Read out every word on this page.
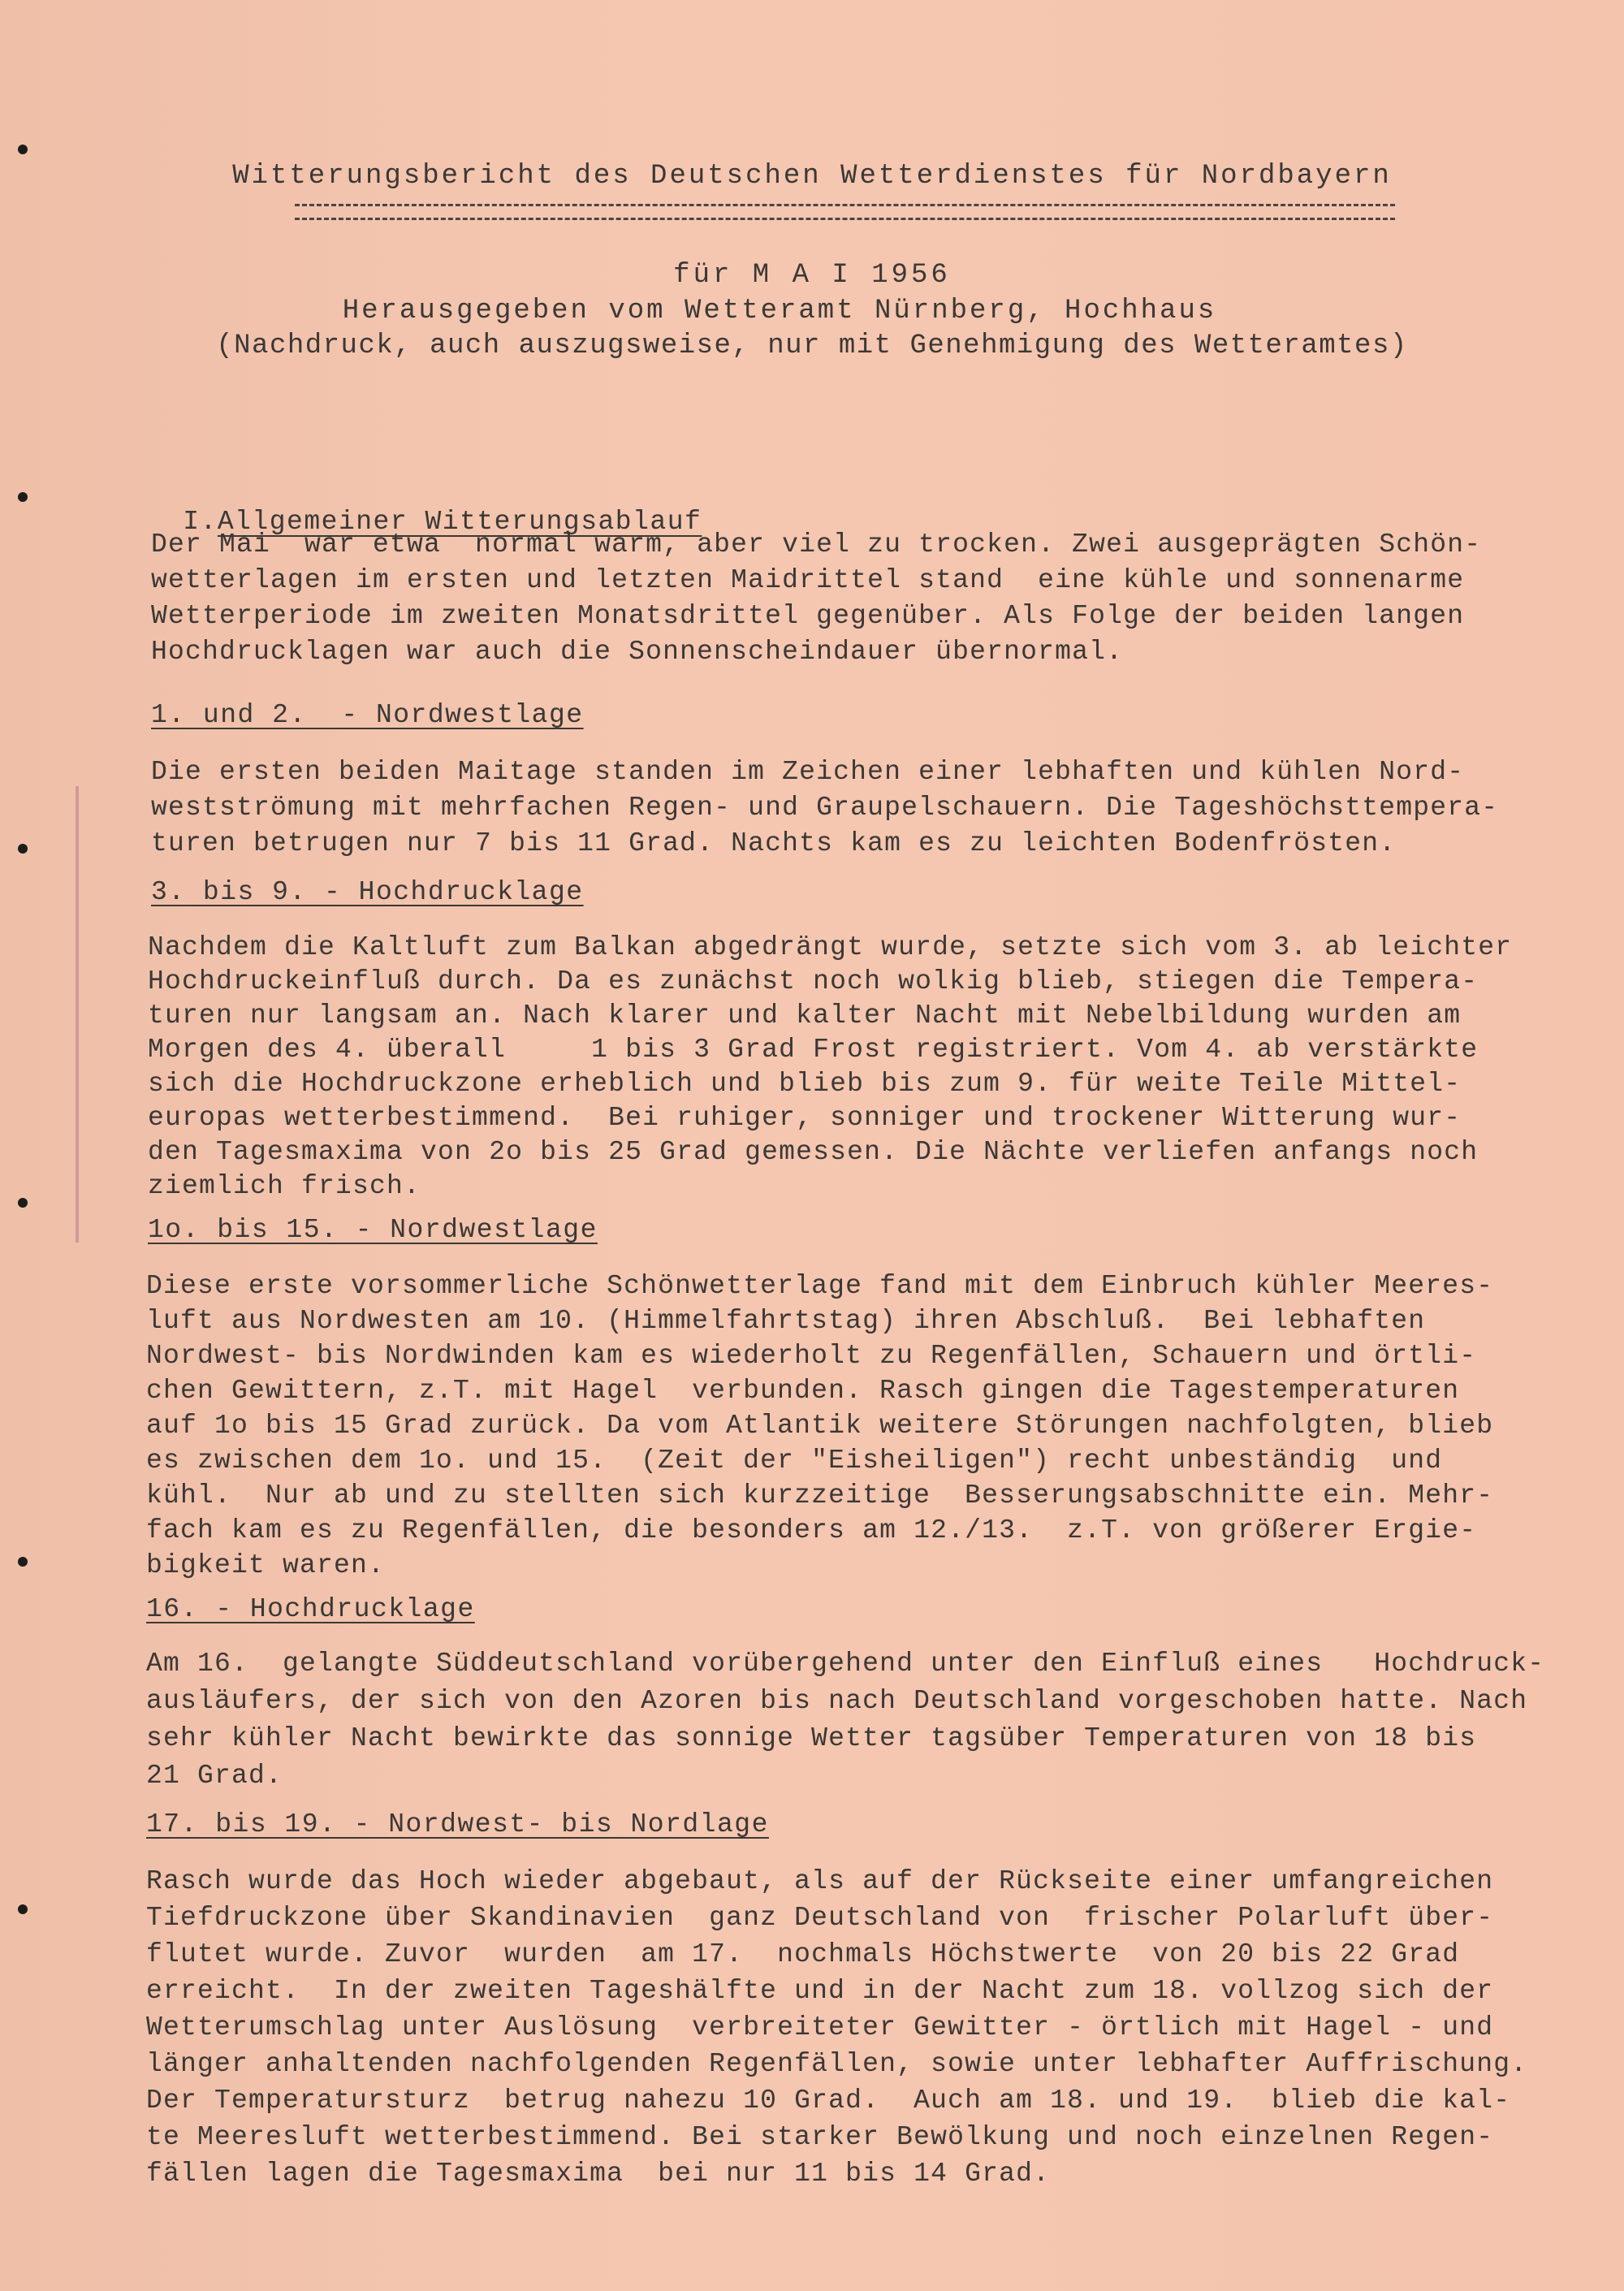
Witterungsbericht des Deutschen Wetterdienstes für Nordbayern
für M A I 1956
Herausgegeben vom Wetteramt Nürnberg, Hochhaus
(Nachdruck, auch auszugsweise, nur mit Genehmigung des Wetteramtes)

I.Allgemeiner Witterungsablauf

Der Mai  war etwa  normal warm, aber viel zu trocken. Zwei ausgeprägten Schön-
wetterlagen im ersten und letzten Maidrittel stand  eine kühle und sonnenarme
Wetterperiode im zweiten Monatsdrittel gegenüber. Als Folge der beiden langen
Hochdrucklagen war auch die Sonnenscheindauer übernormal.
1. und 2.  - Nordwestlage
Die ersten beiden Maitage standen im Zeichen einer lebhaften und kühlen Nord-
westströmung mit mehrfachen Regen- und Graupelschauern. Die Tageshöchsttempera-
turen betrugen nur 7 bis 11 Grad. Nachts kam es zu leichten Bodenfrösten.
3. bis 9. - Hochdrucklage
Nachdem die Kaltluft zum Balkan abgedrängt wurde, setzte sich vom 3. ab leichter
Hochdruckeinfluß durch. Da es zunächst noch wolkig blieb, stiegen die Tempera-
turen nur langsam an. Nach klarer und kalter Nacht mit Nebelbildung wurden am
Morgen des 4. überall     1 bis 3 Grad Frost registriert. Vom 4. ab verstärkte
sich die Hochdruckzone erheblich und blieb bis zum 9. für weite Teile Mittel-
europas wetterbestimmend.  Bei ruhiger, sonniger und trockener Witterung wur-
den Tagesmaxima von 2o bis 25 Grad gemessen. Die Nächte verliefen anfangs noch
ziemlich frisch.
1o. bis 15. - Nordwestlage
Diese erste vorsommerliche Schönwetterlage fand mit dem Einbruch kühler Meeres-
luft aus Nordwesten am 10. (Himmelfahrtstag) ihren Abschluß.  Bei lebhaften
Nordwest- bis Nordwinden kam es wiederholt zu Regenfällen, Schauern und örtli-
chen Gewittern, z.T. mit Hagel  verbunden. Rasch gingen die Tagestemperaturen
auf 1o bis 15 Grad zurück. Da vom Atlantik weitere Störungen nachfolgten, blieb
es zwischen dem 1o. und 15.  (Zeit der "Eisheiligen") recht unbeständig  und
kühl.  Nur ab und zu stellten sich kurzzeitige  Besserungsabschnitte ein. Mehr-
fach kam es zu Regenfällen, die besonders am 12./13.  z.T. von größerer Ergie-
bigkeit waren.
16. - Hochdrucklage
Am 16.  gelangte Süddeutschland vorübergehend unter den Einfluß eines   Hochdruck-
ausläufers, der sich von den Azoren bis nach Deutschland vorgeschoben hatte. Nach
sehr kühler Nacht bewirkte das sonnige Wetter tagsüber Temperaturen von 18 bis
21 Grad.
17. bis 19. - Nordwest- bis Nordlage
Rasch wurde das Hoch wieder abgebaut, als auf der Rückseite einer umfangreichen
Tiefdruckzone über Skandinavien  ganz Deutschland von  frischer Polarluft über-
flutet wurde. Zuvor  wurden  am 17.  nochmals Höchstwerte  von 20 bis 22 Grad
erreicht.  In der zweiten Tageshälfte und in der Nacht zum 18. vollzog sich der
Wetterumschlag unter Auslösung  verbreiteter Gewitter - örtlich mit Hagel - und
länger anhaltenden nachfolgenden Regenfällen, sowie unter lebhafter Auffrischung.
Der Temperatursturz  betrug nahezu 10 Grad.  Auch am 18. und 19.  blieb die kal-
te Meeresluft wetterbestimmend. Bei starker Bewölkung und noch einzelnen Regen-
fällen lagen die Tagesmaxima  bei nur 11 bis 14 Grad.
